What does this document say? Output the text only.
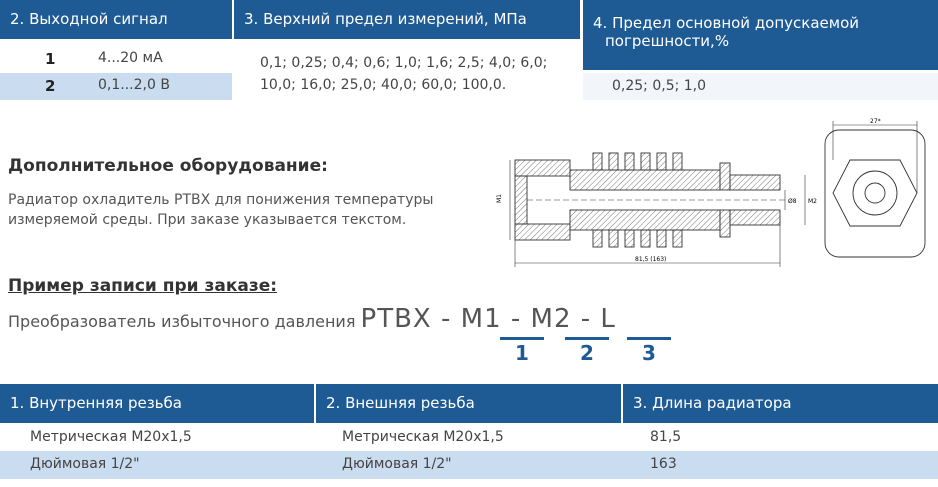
2. Выходной сигнал	3. Верхний предел измерений, МПа	4. Предел основной допускаемой
погрешности,%
1	4...20 мА
2	0,1...2,0 В
0,1; 0,25; 0,4; 0,6; 1,0; 1,6; 2,5; 4,0; 6,0;
10,0; 16,0; 25,0; 40,0; 60,0; 100,0.	0,25; 0,5; 1,0
Дополнительное оборудование:
Радиатор охладитель РТВХ для понижения температуры
измеряемой среды. При заказе указывается текстом.
M1	Ø8 M2
81,5 (163)
27*
Пример записи при заказе:
Преобразователь избыточного давления РТВХ - М1 - М2 - L
1	2	3
1. Внутренняя резьба	2. Внешняя резьба	3. Длина радиатора
Метрическая М20х1,5	Метрическая М20х1,5	81,5
Дюймовая 1/2"	Дюймовая 1/2"	163
